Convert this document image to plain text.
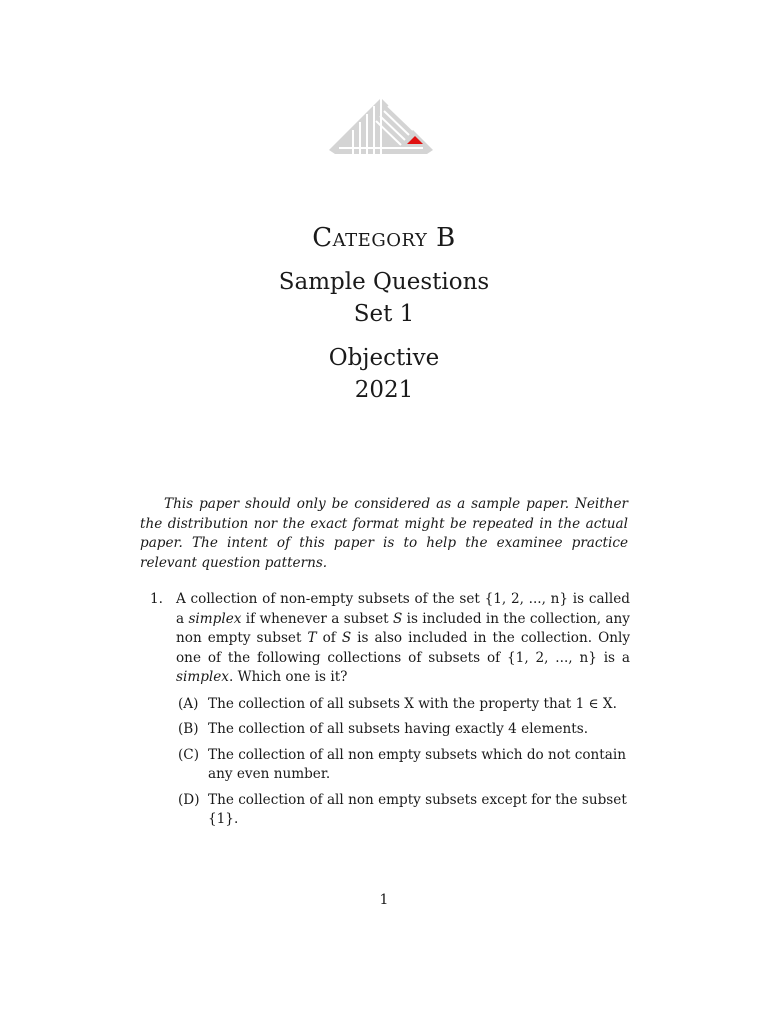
Category B
Sample Questions
Set 1
Objective
2021
This paper should only be considered as a sample paper. Neither the distribution nor the exact format might be repeated in the actual paper. The intent of this paper is to help the examinee practice relevant question patterns.
1. A collection of non-empty subsets of the set {1, 2, ..., n} is called a simplex if whenever a subset S is included in the collection, any non empty subset T of S is also included in the collection. Only one of the following collections of subsets of {1, 2, ..., n} is a simplex. Which one is it?
(A) The collection of all subsets X with the property that 1 ∈ X.
(B) The collection of all subsets having exactly 4 elements.
(C) The collection of all non empty subsets which do not contain any even number.
(D) The collection of all non empty subsets except for the subset {1}.
1
